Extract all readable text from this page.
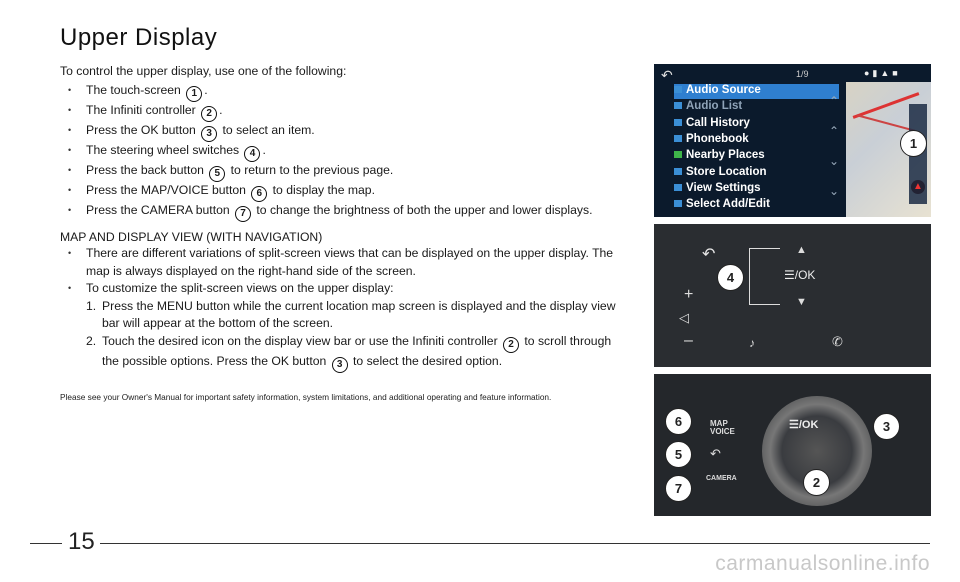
Upper Display
To control the upper display, use one of the following:
• The touch-screen 1 .
• The Infiniti controller 2 .
• Press the OK button 3 to select an item.
• The steering wheel switches 4 .
• Press the back button 5 to return to the previous page.
• Press the MAP/VOICE button 6 to display the map.
• Press the CAMERA button 7 to change the brightness of both the upper and lower displays.
MAP AND DISPLAY VIEW (WITH NAVIGATION)
• There are different variations of split-screen views that can be displayed on the upper display. The map is always displayed on the right-hand side of the screen.
• To customize the split-screen views on the upper display:
1. Press the MENU button while the current location map screen is displayed and the display view bar will appear at the bottom of the screen.
2. Touch the desired icon on the display view bar or use the Infiniti controller 2 to scroll through the possible options. Press the OK button 3 to select the desired option.
Please see your Owner's Manual for important safety information, system limitations, and additional operating and feature information.
↶	1/9	●▮▲■
Audio Source
Audio List
Call History
Phonebook
Nearby Places
Store Location
View Settings
Select Add/Edit
⌃
⌃
⌄
⌄	▲
1
↶	▲
☰/OK
▼
+
◁
–	♪	✆
4
☰/OK
MAP
VOICE
↶
CAMERA
6
5
7
3
2
15
carmanualsonline.info
